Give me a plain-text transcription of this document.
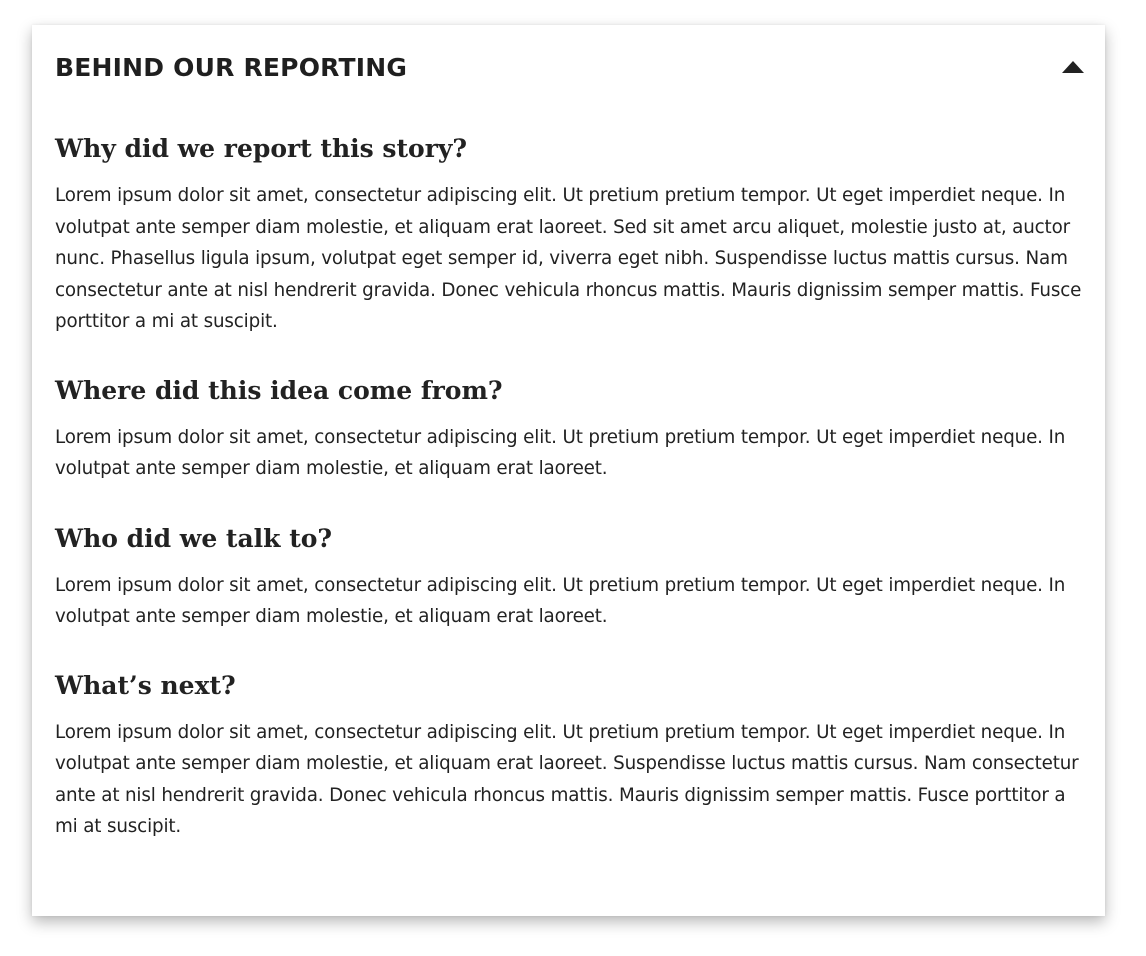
BEHIND OUR REPORTING
Why did we report this story?

Lorem ipsum dolor sit amet, consectetur adipiscing elit. Ut pretium pretium tempor. Ut eget imperdiet neque. In volutpat ante semper diam molestie, et aliquam erat laoreet. Sed sit amet arcu aliquet, molestie justo at, auctor nunc. Phasellus ligula ipsum, volutpat eget semper id, viverra eget nibh. Suspendisse luctus mattis cursus. Nam consectetur ante at nisl hendrerit gravida. Donec vehicula rhoncus mattis. Mauris dignissim semper mattis. Fusce porttitor a mi at suscipit.

Where did this idea come from?

Lorem ipsum dolor sit amet, consectetur adipiscing elit. Ut pretium pretium tempor. Ut eget imperdiet neque. In volutpat ante semper diam molestie, et aliquam erat laoreet.

Who did we talk to?

Lorem ipsum dolor sit amet, consectetur adipiscing elit. Ut pretium pretium tempor. Ut eget imperdiet neque. In volutpat ante semper diam molestie, et aliquam erat laoreet.

What’s next?

Lorem ipsum dolor sit amet, consectetur adipiscing elit. Ut pretium pretium tempor. Ut eget imperdiet neque. In volutpat ante semper diam molestie, et aliquam erat laoreet. Suspendisse luctus mattis cursus. Nam consectetur ante at nisl hendrerit gravida. Donec vehicula rhoncus mattis. Mauris dignissim semper mattis. Fusce porttitor a mi at suscipit.
